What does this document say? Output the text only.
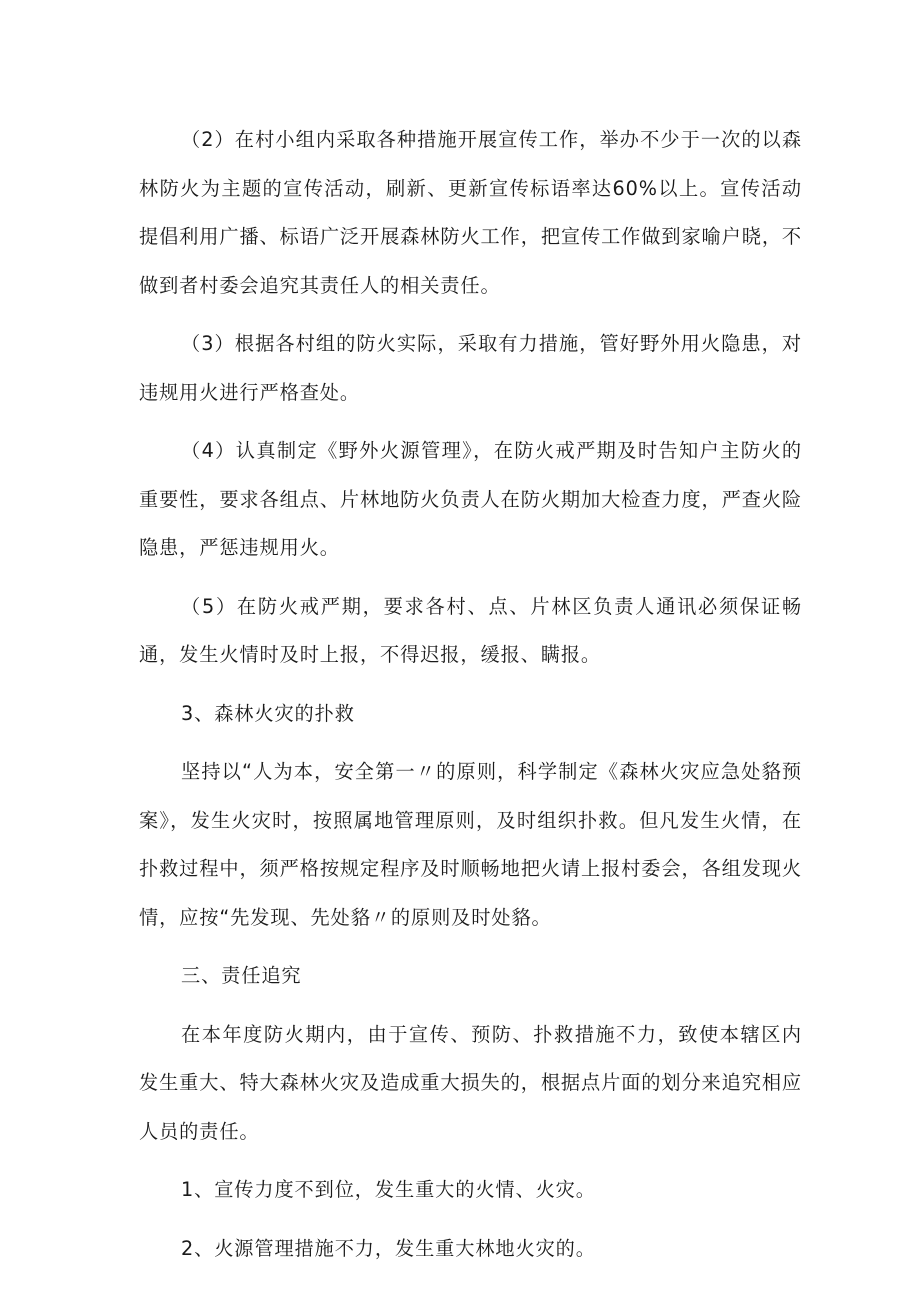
（2）在村小组内采取各种措施开展宣传工作，举办不少于一次的以森林防火为主题的宣传活动，刷新、更新宣传标语率达60%以上。宣传活动提倡利用广播、标语广泛开展森林防火工作，把宣传工作做到家喻户晓，不做到者村委会追究其责任人的相关责任。

（3）根据各村组的防火实际，采取有力措施，管好野外用火隐患，对违规用火进行严格查处。

（4）认真制定《野外火源管理》，在防火戒严期及时告知户主防火的重要性，要求各组点、片林地防火负责人在防火期加大检查力度，严查火险隐患，严惩违规用火。

（5）在防火戒严期，要求各村、点、片林区负责人通讯必须保证畅通，发生火情时及时上报，不得迟报，缓报、瞒报。

3、森林火灾的扑救

坚持以“人为本，安全第一〃的原则，科学制定《森林火灾应急处貉预案》，发生火灾时，按照属地管理原则，及时组织扑救。但凡发生火情，在扑救过程中，须严格按规定程序及时顺畅地把火请上报村委会，各组发现火情，应按“先发现、先处貉〃的原则及时处貉。

三、责任追究

在本年度防火期内，由于宣传、预防、扑救措施不力，致使本辖区内发生重大、特大森林火灾及造成重大损失的，根据点片面的划分来追究相应人员的责任。

1、宣传力度不到位，发生重大的火情、火灾。

2、火源管理措施不力，发生重大林地火灾的。
